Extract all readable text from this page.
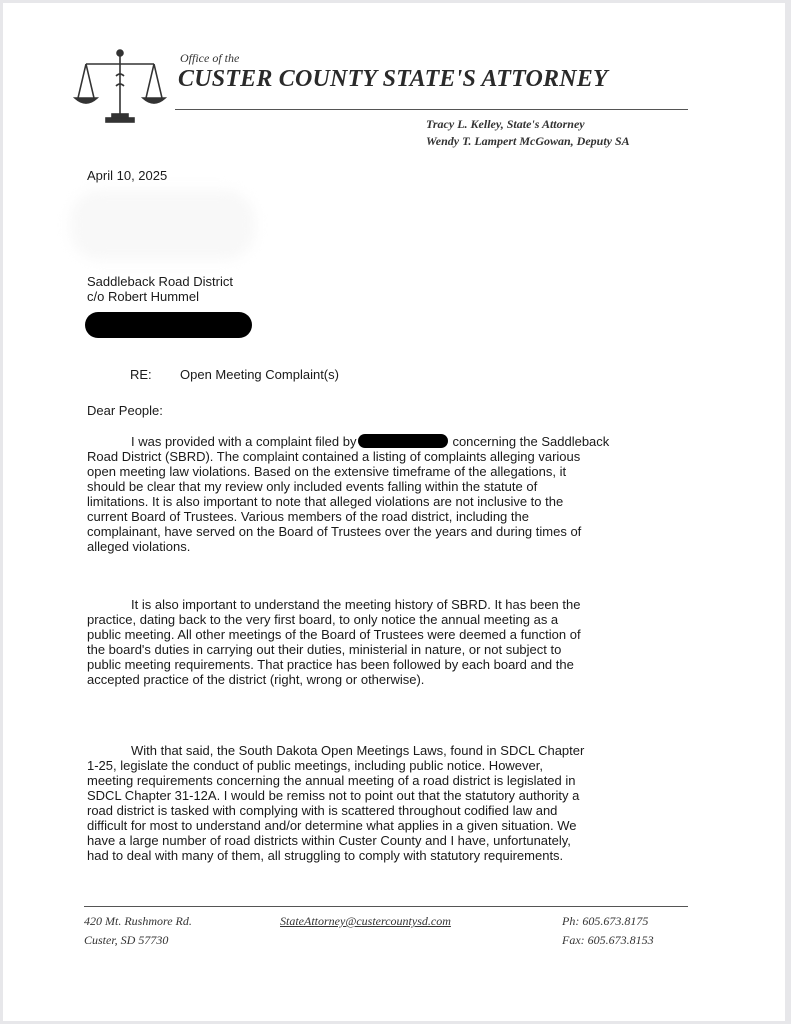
Office of the
CUSTER COUNTY STATE'S ATTORNEY
Tracy L. Kelley, State's Attorney
Wendy T. Lampert McGowan, Deputy SA
April 10, 2025
Saddleback Road District
c/o Robert Hummel
RE: Open Meeting Complaint(s)
Dear People:
I was provided with a complaint filed by	concerning the Saddleback
Road District (SBRD). The complaint contained a listing of complaints alleging various
open meeting law violations. Based on the extensive timeframe of the allegations, it
should be clear that my review only included events falling within the statute of
limitations. It is also important to note that alleged violations are not inclusive to the
current Board of Trustees. Various members of the road district, including the
complainant, have served on the Board of Trustees over the years and during times of
alleged violations.
It is also important to understand the meeting history of SBRD. It has been the
practice, dating back to the very first board, to only notice the annual meeting as a
public meeting. All other meetings of the Board of Trustees were deemed a function of
the board's duties in carrying out their duties, ministerial in nature, or not subject to
public meeting requirements. That practice has been followed by each board and the
accepted practice of the district (right, wrong or otherwise).
With that said, the South Dakota Open Meetings Laws, found in SDCL Chapter
1-25, legislate the conduct of public meetings, including public notice. However,
meeting requirements concerning the annual meeting of a road district is legislated in
SDCL Chapter 31-12A. I would be remiss not to point out that the statutory authority a
road district is tasked with complying with is scattered throughout codified law and
difficult for most to understand and/or determine what applies in a given situation. We
have a large number of road districts within Custer County and I have, unfortunately,
had to deal with many of them, all struggling to comply with statutory requirements.
420 Mt. Rushmore Rd.
Custer, SD 57730
StateAttorney@custercountysd.com	Ph: 605.673.8175
Fax: 605.673.8153
